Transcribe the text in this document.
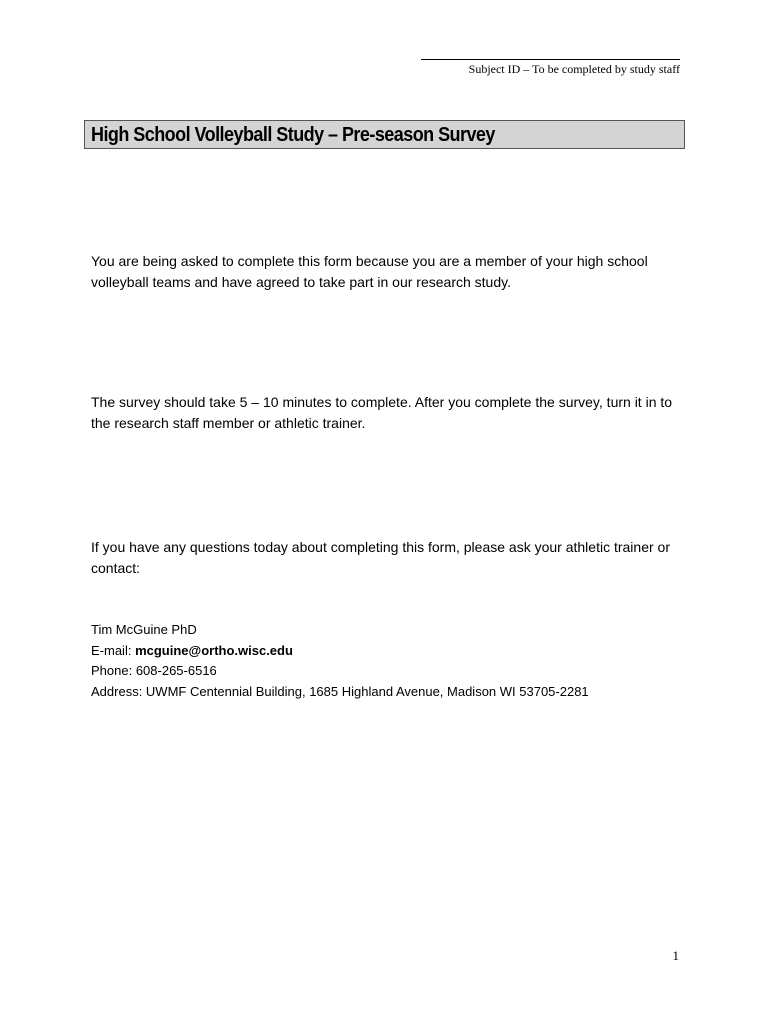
Subject ID – To be completed by study staff
High School Volleyball Study – Pre-season Survey

You are being asked to complete this form because you are a member of your high school volleyball teams and have agreed to take part in our research study.

The survey should take 5 – 10 minutes to complete. After you complete the survey, turn it in to the research staff member or athletic trainer.

If you have any questions today about completing this form, please ask your athletic trainer or contact:

Tim McGuine PhD
E-mail: mcguine@ortho.wisc.edu
Phone: 608-265-6516
Address: UWMF Centennial Building, 1685 Highland Avenue, Madison WI 53705-2281
1
